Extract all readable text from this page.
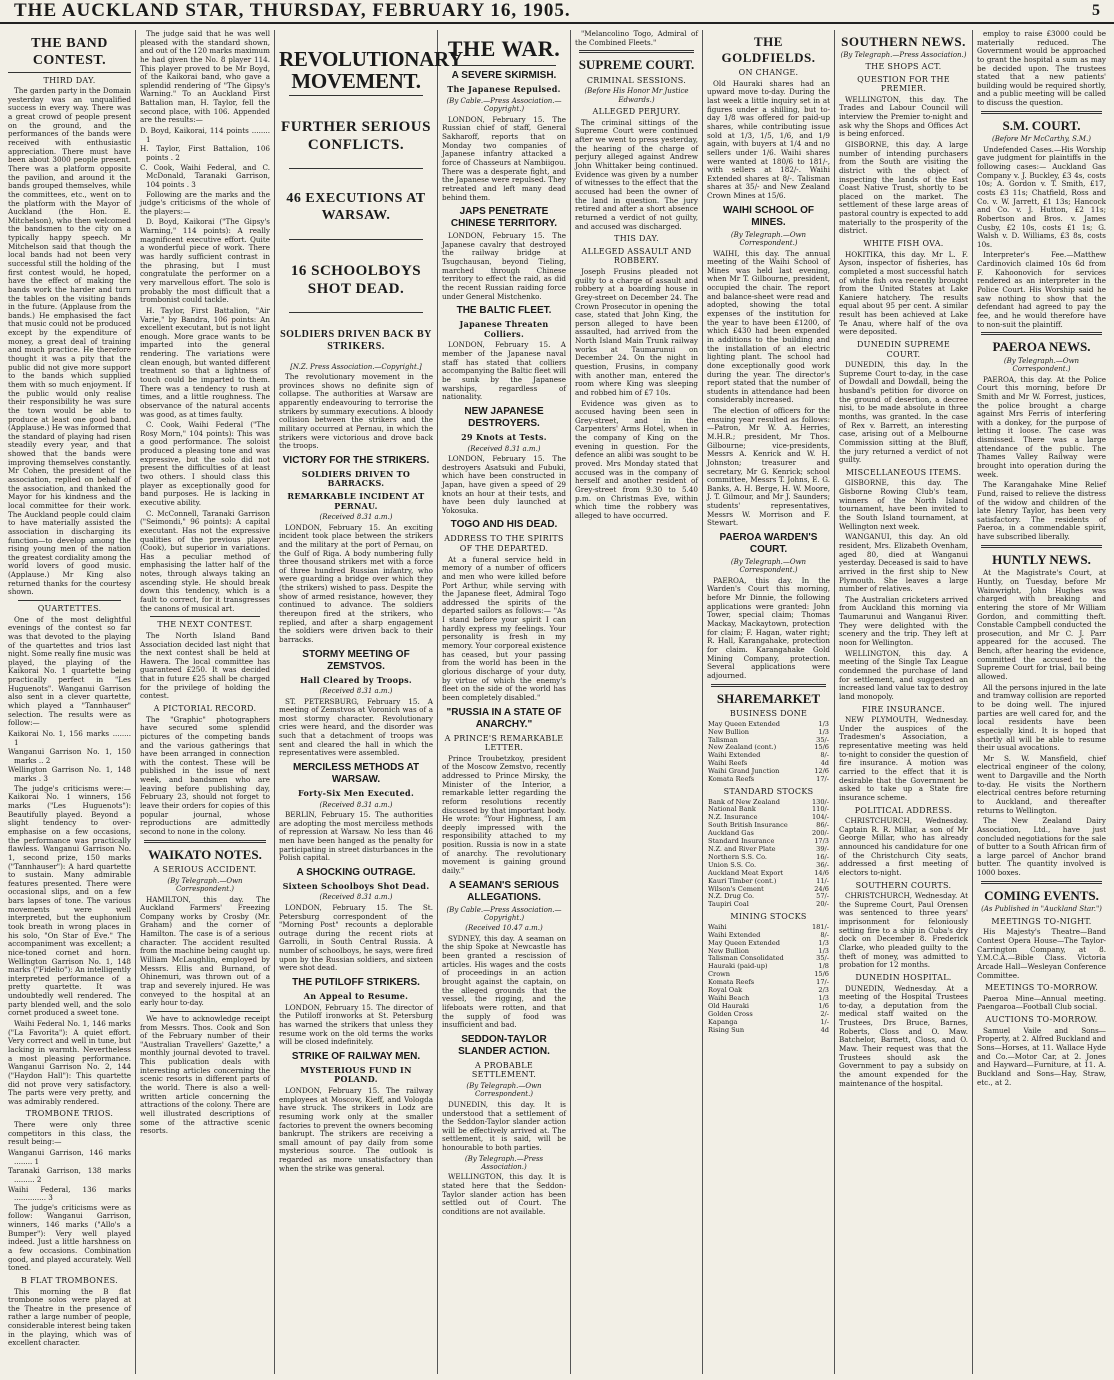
THE AUCKLAND STAR, THURSDAY, FEBRUARY 16, 1905.	5
THE BAND CONTEST.
THIRD DAY.

The garden party in the Domain yesterday was an unqualified success in every way. There was a great crowd of people present on the ground, and the performances of the bands were received with enthusiastic appreciation. There must have been about 3000 people present. There was a platform opposite the pavilion, and around it the bands grouped themselves, while the committees, etc., went on to the platform with the Mayor of Auckland (the Hon. E. Mitchelson), who then welcomed the bandsmen to the city on a typically happy speech. Mr Mitchelson said that though the local bands had not been very successful still the holding of the first contest would, he hoped, have the effect of making the bands work the harder and turn the tables on the visiting bands in the future. (Applause from the bands.) He emphasised the fact that music could not be produced except by the expenditure of money, a great deal of training and much practice. He therefore thought it was a pity that the public did not give more support to the bands which supplied them with so much enjoyment. If the public would only realise their responsibility he was sure the town would be able to produce at least one good band. (Applause.) He was informed that the standard of playing had risen steadily every year, and that showed that the bands were improving themselves constantly. Mr Cohen, the president of the association, replied on behalf of the association, and thanked the Mayor for his kindness and the local committee for their work. The Auckland people could claim to have materially assisted the association in discharging its function—to develop among the rising young men of the nation the greatest cordiality among the world lovers of good music. (Applause.) Mr King also returned thanks for the courtesy shown.

QUARTETTES.

One of the most delightful evenings of the contest so far was that devoted to the playing of the quartettes and trios last night. Some really fine music was played, the playing of the Kaikorai No. 1 quartette being practically perfect in "Les Huguenots". Wanganui Garrison also sent in a clever quartette, which played a "Tannhauser" selection. The results were as follow:—

Kaikorai No. 1, 156 marks ........ 1
Wanganui Garrison No. 1, 150 marks .. 2
Wellington Garrison No. 1, 148 marks . 3

The judge's criticisms were:— Kaikorai No. 1 winners, 156 marks ("Les Huguenots"): Beautifully played. Beyond a slight tendency to over-emphasise on a few occasions, the performance was practically flawless. Wanganui Garrison No. 1, second prize, 150 marks ("Tannhauser"): A hard quartette to sustain. Many admirable features presented. There were occasional slips, and on a few bars lapses of tone. The various movements were well interpreted, but the euphonium took breath in wrong places in his solo, "On Star of Eve." The accompaniment was excellent; a nice-toned cornet and horn. Wellington Garrison No. 1, 148 marks ("Fidelio"): An intelligently interpreted performance of a pretty quartette. It was undoubtedly well rendered. The party blended well, and the solo cornet produced a sweet tone.

Waihi Federal No. 1, 146 marks ("La Favorita"): A quiet effort. Very correct and well in tune, but lacking in warmth. Nevertheless a most pleasing performance. Wanganui Garrison No. 2, 144 ("Haydon Hall"): This quartette did not prove very satisfactory. The parts were very pretty, and was admirably rendered.

TROMBONE TRIOS.

There were only three competitors in this class, the result being:—

Wanganui Garrison, 146 marks ........ 1
Taranaki Garrison, 138 marks ......... 2
Waihi Federal, 136 marks .............. 3

The judge's criticisms were as follow: Wanganui Garrison, winners, 146 marks ("Allo's a Bumper"): Very well played indeed. Just a little harshness on a few occasions. Combination good, and played accurately. Well toned.

B FLAT TROMBONES.

This morning the B flat trombone solos were played at the Theatre in the presence of rather a large number of people, considerable interest being taken in the playing, which was of excellent character.

The judge said that he was well pleased with the standard shown, and out of the 120 marks maximum he had given the No. 8 player 114. This player proved to be Mr Boyd, of the Kaikorai band, who gave a splendid rendering of "The Gipsy's Warning." To an Auckland First Battalion man, H. Taylor, fell the second place, with 106. Appended are the results:—

D. Boyd, Kaikorai, 114 points ........ 1
H. Taylor, First Battalion, 106 points . 2
C. Cook, Waihi Federal, and C. McDonald, Taranaki Garrison, 104 points . 3

Following are the marks and the judge's criticisms of the whole of the players:—

D. Boyd, Kaikorai ("The Gipsy's Warning," 114 points): A really magnificent executive effort. Quite a wonderful piece of work. There was hardly sufficient contrast in the phrasing, but I must congratulate the performer on a very marvellous effort. The solo is probably the most difficult that a trombonist could tackle.

H. Taylor, First Battalion, "Air Varie," by Bandra, 106 points: An excellent executant, but is not light enough. More grace wants to be imparted into the general rendering. The variations were clean enough, but wanted different treatment so that a lightness of touch could be imparted to them. There was a tendency to rush at times, and a little roughness. The observance of the natural accents was good, as at times faulty.

C. Cook, Waihi Federal ("The Rosy Morn," 104 points): This was a good performance. The soloist produced a pleasing tone and was expressive, but the solo did not present the difficulties of at least two others. I should class this player as exceptionally good for band purposes. He is lacking in executive ability.

C. McConnell, Taranaki Garrison ("Seimondi," 96 points): A capital executant. Has not the expressive qualities of the previous player (Cook), but superior in variations. Has a peculiar method of emphasising the latter half of the notes, through always taking an ascending style. He should break down this tendency, which is a fault to correct, for it transgresses the canons of musical art.

THE NEXT CONTEST.

The North Island Band Association decided last night that the next contest shall be held at Hawera. The local committee has guaranteed £250. It was decided that in future £25 shall be charged for the privilege of holding the contest.

A PICTORIAL RECORD.

The "Graphic" photographers have secured some splendid pictures of the competing bands and the various gatherings that have been arranged in connection with the contest. These will be published in the issue of next week, and bandsmen who are leaving before publishing day, February 23, should not forget to leave their orders for copies of this popular journal, whose reproductions are admittedly second to none in the colony.

WAIKATO NOTES.
A SERIOUS ACCIDENT.
(By Telegraph.—Own Correspondent.)

HAMILTON, this day. The Auckland Farmers' Freezing Company works by Crosby (Mr. Graham) and the corner of Hamilton. The case is of a serious character. The accident resulted from the machine being caught up. William McLaughlin, employed by Messrs. Ellis and Burnand, of Ohinemuri, was thrown out of a trap and severely injured. He was conveyed to the hospital at an early hour to-day.

We have to acknowledge receipt from Messrs. Thos. Cook and Son of the February number of their "Australian Travellers' Gazette," a monthly journal devoted to travel. This publication deals with interesting articles concerning the scenic resorts in different parts of the world. There is also a well-written article concerning the attractions of the colony. There are well illustrated descriptions of some of the attractive scenic resorts.

REVOLUTIONARY MOVEMENT.
FURTHER SERIOUS CONFLICTS.
46 EXECUTIONS AT WARSAW.
16 SCHOOLBOYS SHOT DEAD.
SOLDIERS DRIVEN BACK BY STRIKERS.
[N.Z. Press Association.—Copyright.]

The revolutionary movement in the provinces shows no definite sign of collapse. The authorities at Warsaw are apparently endeavouring to terrorise the strikers by summary executions. A bloody collision between the strikers and the military occurred at Pernau, in which the strikers were victorious and drove back the troops.

VICTORY FOR THE STRIKERS.
SOLDIERS DRIVEN TO BARRACKS.
REMARKABLE INCIDENT AT PERNAU.
(Received 8.31 a.m.)

LONDON, February 15. An exciting incident took place between the strikers and the military at the port of Pernau, on the Gulf of Riga. A body numbering fully three thousand strikers met with a force of three hundred Russian infantry, who were guarding a bridge over which they (the strikers) wished to pass. Despite the show of armed resistance, however, they continued to advance. The soldiers thereupon fired at the strikers, who replied, and after a sharp engagement the soldiers were driven back to their barracks.

STORMY MEETING OF ZEMSTVOS.
Hall Cleared by Troops.
(Received 8.31 a.m.)

ST. PETERSBURG, February 15. A meeting of Zemstvos at Voronich was of a most stormy character. Revolutionary cries were heard, and the disorder was such that a detachment of troops was sent and cleared the hall in which the representatives were assembled.

MERCILESS METHODS AT WARSAW.
Forty-Six Men Executed.
(Received 8.31 a.m.)

BERLIN, February 15. The authorities are adopting the most merciless methods of repression at Warsaw. No less than 46 men have been hanged as the penalty for participating in street disturbances in the Polish capital.

A SHOCKING OUTRAGE.
Sixteen Schoolboys Shot Dead.
(Received 8.31 a.m.)

LONDON, February 15. The St. Petersburg correspondent of the "Morning Post" recounts a deplorable outrage during the recent riots at Garrolli, in South Central Russia. A number of schoolboys, he says, were fired upon by the Russian soldiers, and sixteen were shot dead.

THE PUTILOFF STRIKERS.
An Appeal to Resume.

LONDON, February 15. The director of the Putiloff ironworks at St. Petersburg has warned the strikers that unless they resume work on the old terms the works will be closed indefinitely.

STRIKE OF RAILWAY MEN.
MYSTERIOUS FUND IN POLAND.

LONDON, February 15. The railway employees at Moscow, Kieff, and Vologda have struck. The strikers in Lodz are resuming work only at the smaller factories to prevent the owners becoming bankrupt. The strikers are receiving a small amount of pay daily from some mysterious source. The outlook is regarded as more unsatisfactory than when the strike was general.

THE WAR.
A SEVERE SKIRMISH.
The Japanese Repulsed.
(By Cable.—Press Association.—Copyright.)

LONDON, February 15. The Russian chief of staff, General Sakharoff, reports that on Monday two companies of Japanese infantry attacked a force of Chasseurs at Nambiigou. There was a desperate fight, and the Japanese were repulsed. They retreated and left many dead behind them.

JAPS PENETRATE CHINESE TERRITORY.

LONDON, February 15. The Japanese cavalry that destroyed the railway bridge at Tsugchausan, beyond Tieling, marched through Chinese territory to effect the raid, as did the recent Russian raiding force under General Mistchenko.

THE BALTIC FLEET.
Japanese Threaten Colliers.

LONDON, February 15. A member of the Japanese naval staff has stated that colliers accompanying the Baltic fleet will be sunk by the Japanese warships, regardless of nationality.

NEW JAPANESE DESTROYERS.
29 Knots at Tests.
(Received 8.31 a.m.)

LONDON, February 15. The destroyers Asatsuki and Fubuki, which have been constructed in Japan, have given a speed of 29 knots an hour at their tests, and have been duly launched at Yokosuka.

TOGO AND HIS DEAD.
ADDRESS TO THE SPIRITS OF THE DEPARTED.

At a funeral service held in memory of a number of officers and men who were killed before Port Arthur, while serving with the Japanese fleet, Admiral Togo addressed the spirits of the departed sailors as follows:— "As I stand before your spirit I can hardly express my feelings. Your personality is fresh in my memory. Your corporeal existence has ceased, but your passing from the world has been in the glorious discharge of your duty, by virtue of which the enemy's fleet on the side of the world has been completely disabled."

"RUSSIA IN A STATE OF ANARCHY."
A PRINCE'S REMARKABLE LETTER.

Prince Troubetzkoy, president of the Moscow Zemstvo, recently addressed to Prince Mirsky, the Minister of the Interior, a remarkable letter regarding the reform resolutions recently discussed by that important body. He wrote: "Your Highness, I am deeply impressed with the responsibility attached to my position. Russia is now in a state of anarchy. The revolutionary movement is gaining ground daily."

A SEAMAN'S SERIOUS ALLEGATIONS.
(By Cable.—Press Association.—Copyright.)
(Received 10.47 a.m.)

SYDNEY, this day. A seaman on the ship Spoke at Newcastle has been granted a rescission of articles. His wages and the costs of proceedings in an action brought against the captain, on the alleged grounds that the vessel, the rigging, and the lifeboats were rotten, and that the supply of food was insufficient and bad.

SEDDON-TAYLOR SLANDER ACTION.
A PROBABLE SETTLEMENT.
(By Telegraph.—Own Correspondent.)

DUNEDIN, this day. It is understood that a settlement of the Seddon-Taylor slander action will be effectively arrived at. The settlement, it is said, will be honourable to both parties.

(By Telegraph.—Press Association.)

WELLINGTON, this day. It is stated here that the Seddon-Taylor slander action has been settled out of Court. The conditions are not available.

"Melancolino Togo, Admiral of the Combined Fleets."

SUPREME COURT.
CRIMINAL SESSIONS.
(Before His Honor Mr Justice Edwards.)
ALLEGED PERJURY.

The criminal sittings of the Supreme Court were continued after we went to press yesterday, the hearing of the charge of perjury alleged against Andrew John Whittaker being continued. Evidence was given by a number of witnesses to the effect that the accused had been the owner of the land in question. The jury retired and after a short absence returned a verdict of not guilty, and accused was discharged.

THIS DAY.
ALLEGED ASSAULT AND ROBBERY.

Joseph Frusins pleaded not guilty to a charge of assault and robbery at a boarding house in Grey-street on December 24. The Crown Prosecutor in opening the case, stated that John King, the person alleged to have been assaulted, had arrived from the North Island Main Trunk railway works at Taumarunui on December 24. On the night in question, Frusins, in company with another man, entered the room where King was sleeping and robbed him of £7 10s.

Evidence was given as to accused having been seen in Grey-street, and in the Carpenters' Arms Hotel, when in the company of King on the evening in question. For the defence an alibi was sought to be proved. Mrs Monday stated that accused was in the company of herself and another resident of Grey-street from 9.30 to 5.40 p.m. on Christmas Eve, within which time the robbery was alleged to have occurred.

THE GOLDFIELDS.
ON CHANGE.

Old Hauraki shares had an upward move to-day. During the last week a little inquiry set in at figures under a shilling, but to-day 1/8 was offered for paid-up shares, while contributing issue sold at 1/3, 1/5, 1/6, and 1/9 again, with buyers at 1/4 and no sellers under 1/6. Waihi shares were wanted at 180/6 to 181/-, with sellers at 182/-. Waihi Extended shares at 8/-. Talisman shares at 35/- and New Zealand Crown Mines at 15/6.

WAIHI SCHOOL OF MINES.
(By Telegraph.—Own Correspondent.)

WAIHI, this day. The annual meeting of the Waihi School of Mines was held last evening, when Mr T. Gilbourne, president, occupied the chair. The report and balance-sheet were read and adopted, showing the total expenses of the institution for the year to have been £1200, of which £430 had been expended in additions to the building and the installation of an electric lighting plant. The school had done exceptionally good work during the year. The director's report stated that the number of students in attendance had been considerably increased.

The election of officers for the ensuing year resulted as follows:—Patron, Mr W. A. Herries, M.H.R.; president, Mr Thos. Gilbourne; vice-presidents, Messrs A. Kenrick and W. H. Johnston; treasurer and secretary, Mr G. Kenrick; school committee, Messrs T. Johns, E. G. Banks, A. H. Berge, H. W. Moore, J. T. Gilmour, and Mr J. Saunders; students' representatives, Messrs W. Morrison and F. Stewart.

PAEROA WARDEN'S COURT.
(By Telegraph.—Own Correspondent.)

PAEROA, this day. In the Warden's Court this morning, before Mr Dinnie, the following applications were granted: John Tower, special claim; Thomas Mackay, Mackaytown, protection for claim; F. Hagan, water right; R. Hall, Karangahake, protection for claim. Karangahake Gold Mining Company, protection. Several applications were adjourned.

SHAREMARKET
BUSINESS DONE
May Queen Extended	1/3
New Bullion	1/3
Talisman	35/-
New Zealand (cont.)	15/6
Waihi Extended	8/-
Waihi Reefs	4d
Waihi Grand Junction	12/6
Komata Reefs	17/-
STANDARD STOCKS
Bank of New Zealand	130/-
National Bank	110/-
N.Z. Insurance	104/-
South British Insurance	86/-
Auckland Gas	200/-
Standard Insurance	17/3
N.Z. and River Plate	39/-
Northern S.S. Co.	16/-
Union S.S. Co.	36/-
Auckland Meat Export	14/6
Kauri Timber (cont.)	11/-
Wilson's Cement	24/6
N.Z. Drug Co.	57/-
Taupiri Coal	20/-
MINING STOCKS
Waihi	181/-
Waihi Extended	8/-
May Queen Extended	1/3
New Bullion	1/3
Talisman Consolidated	35/-
Hauraki (paid-up)	1/8
Crown	15/6
Komata Reefs	17/-
Royal Oak	2/3
Waihi Beach	1/3
Old Hauraki	1/6
Golden Cross	2/-
Kapanga	1/-
Rising Sun	4d
SOUTHERN NEWS.
(By Telegraph.—Press Association.)
THE SHOPS ACT.
QUESTION FOR THE PREMIER.

WELLINGTON, this day. The Trades and Labour Council will interview the Premier to-night and ask why the Shops and Offices Act is being enforced.

GISBORNE, this day. A large number of intending purchasers from the South are visiting the district with the object of inspecting the lands of the East Coast Native Trust, shortly to be placed on the market. The settlement of these large areas of pastoral country is expected to add materially to the prosperity of the district.

WHITE FISH OVA.

HOKITIKA, this day. Mr L. F. Ayson, inspector of fisheries, has completed a most successful hatch of white fish ova recently brought from the United States at Lake Kaniere hatchery. The results equal about 95 per cent. A similar result has been achieved at Lake Te Anau, where half of the ova were deposited.

DUNEDIN SUPREME COURT.

DUNEDIN, this day. In the Supreme Court to-day, in the case of Dowdall and Dowdall, being the husband's petition for divorce on the ground of desertion, a decree nisi, to be made absolute in three months, was granted. In the case of Rex v. Barrett, an interesting case, arising out of a Melbourne Commission sitting at the Bluff, the jury returned a verdict of not guilty.

MISCELLANEOUS ITEMS.

GISBORNE, this day. The Gisborne Rowing Club's team, winners of the North Island tournament, have been invited to the South Island tournament, at Wellington next week.

WANGANUI, this day. An old resident, Mrs. Elizabeth Ovenham, aged 80, died at Wanganui yesterday. Deceased is said to have arrived in the first ship to New Plymouth. She leaves a large number of relatives.

The Australian cricketers arrived from Auckland this morning via Taumarunui and Wanganui River. They were delighted with the scenery and the trip. They left at noon for Wellington.

WELLINGTON, this day. A meeting of the Single Tax League condemned the purchase of land for settlement, and suggested an increased land value tax to destroy land monopoly.

FIRE INSURANCE.

NEW PLYMOUTH, Wednesday. Under the auspices of the Tradesmen's Association, a representative meeting was held to-night to consider the question of fire insurance. A motion was carried to the effect that it is desirable that the Government be asked to take up a State fire insurance scheme.

POLITICAL ADDRESS.

CHRISTCHURCH, Wednesday. Captain R. R. Millar, a son of Mr George Millar, who has already announced his candidature for one of the Christchurch City seats, addressed a first meeting of electors to-night.

SOUTHERN COURTS.

CHRISTCHURCH, Wednesday. At the Supreme Court, Paul Orensen was sentenced to three years' imprisonment for feloniously setting fire to a ship in Cuba's dry dock on December 8. Frederick Clarke, who pleaded guilty to the theft of money, was admitted to probation for 12 months.

DUNEDIN HOSPITAL.

DUNEDIN, Wednesday. At a meeting of the Hospital Trustees to-day, a deputation from the medical staff waited on the Trustees, Drs Bruce, Barnes, Roberts, Closs and O. Maw. Batchelor, Barnett, Closs, and O. Maw. Their request was that the Trustees should ask the Government to pay a subsidy on the amount expended for the maintenance of the hospital.

employ to raise £3000 could be materially reduced. The Government would be approached to grant the hospital a sum as may be decided upon. The trustees stated that a new patients' building would be required shortly, and a public meeting will be called to discuss the question.

S.M. COURT.
(Before Mr McCarthy, S.M.)

Undefended Cases.—His Worship gave judgment for plaintiffs in the following cases:— Auckland Gas Company v. J. Buckley, £3 4s, costs 10s; A. Gordon v. T. Smith, £17, costs £3 11s; Chatfield, Ross and Co. v. W. Jarrett, £1 13s; Hancock and Co. v. J. Hutton, £2 11s; Robertson and Bros. v. James Cusby, £2 10s, costs £1 1s; G. Walsh v. D. Williams, £3 8s, costs 10s.

Interpreter's Fee.—Matthew Cardinovich claimed 10s 6d from F. Kahoonovich for services rendered as an interpreter in the Police Court. His Worship said he saw nothing to show that the defendant had agreed to pay the fee, and he would therefore have to non-suit the plaintiff.

PAEROA NEWS.
(By Telegraph.—Own Correspondent.)

PAEROA, this day. At the Police Court this morning, before Dr Smith and Mr W. Forrest, justices, the police brought a charge against Mrs Ferris of interfering with a donkey, for the purpose of letting it loose. The case was dismissed. There was a large attendance of the public. The Thames Valley Railway were brought into operation during the week.

The Karangahake Mine Relief Fund, raised to relieve the distress of the widow and children of the late Henry Taylor, has been very satisfactory. The residents of Paeroa, in a commendable spirit, have subscribed liberally.

HUNTLY NEWS.

At the Magistrate's Court, at Huntly, on Tuesday, before Mr Wainwright, John Hughes was charged with breaking and entering the store of Mr William Gordon, and committing theft. Constable Campbell conducted the prosecution, and Mr C. J. Parr appeared for the accused. The Bench, after hearing the evidence, committed the accused to the Supreme Court for trial, bail being allowed.

All the persons injured in the late and tramway collision are reported to be doing well. The injured parties are well cared for, and the local residents have been especially kind. It is hoped that shortly all will be able to resume their usual avocations.

Mr S. W. Mansfield, chief electrical engineer of the colony, went to Dargaville and the North to-day. He visits the Northern electrical centres before returning to Auckland, and thereafter returns to Wellington.

The New Zealand Dairy Association, Ltd., have just concluded negotiations for the sale of butter to a South African firm of a large parcel of Anchor brand butter. The quantity involved is 1000 boxes.

COMING EVENTS.
(As Published in "Auckland Star.")
MEETINGS TO-NIGHT.

His Majesty's Theatre—Band Contest Opera House—The Taylor-Carrington Company, at 8. Y.M.C.A.—Bible Class. Victoria Arcade Hall—Wesleyan Conference Committee.

MEETINGS TO-MORROW.

Paeroa Mine—Annual meeting. Paengaroa—Football Club social.

AUCTIONS TO-MORROW.

Samuel Vaile and Sons—Property, at 2. Alfred Buckland and Sons—Horses, at 11. Wallace Hyde and Co.—Motor Car, at 2. Jones and Hayward—Furniture, at 11. A. Buckland and Sons—Hay, Straw, etc., at 2.
